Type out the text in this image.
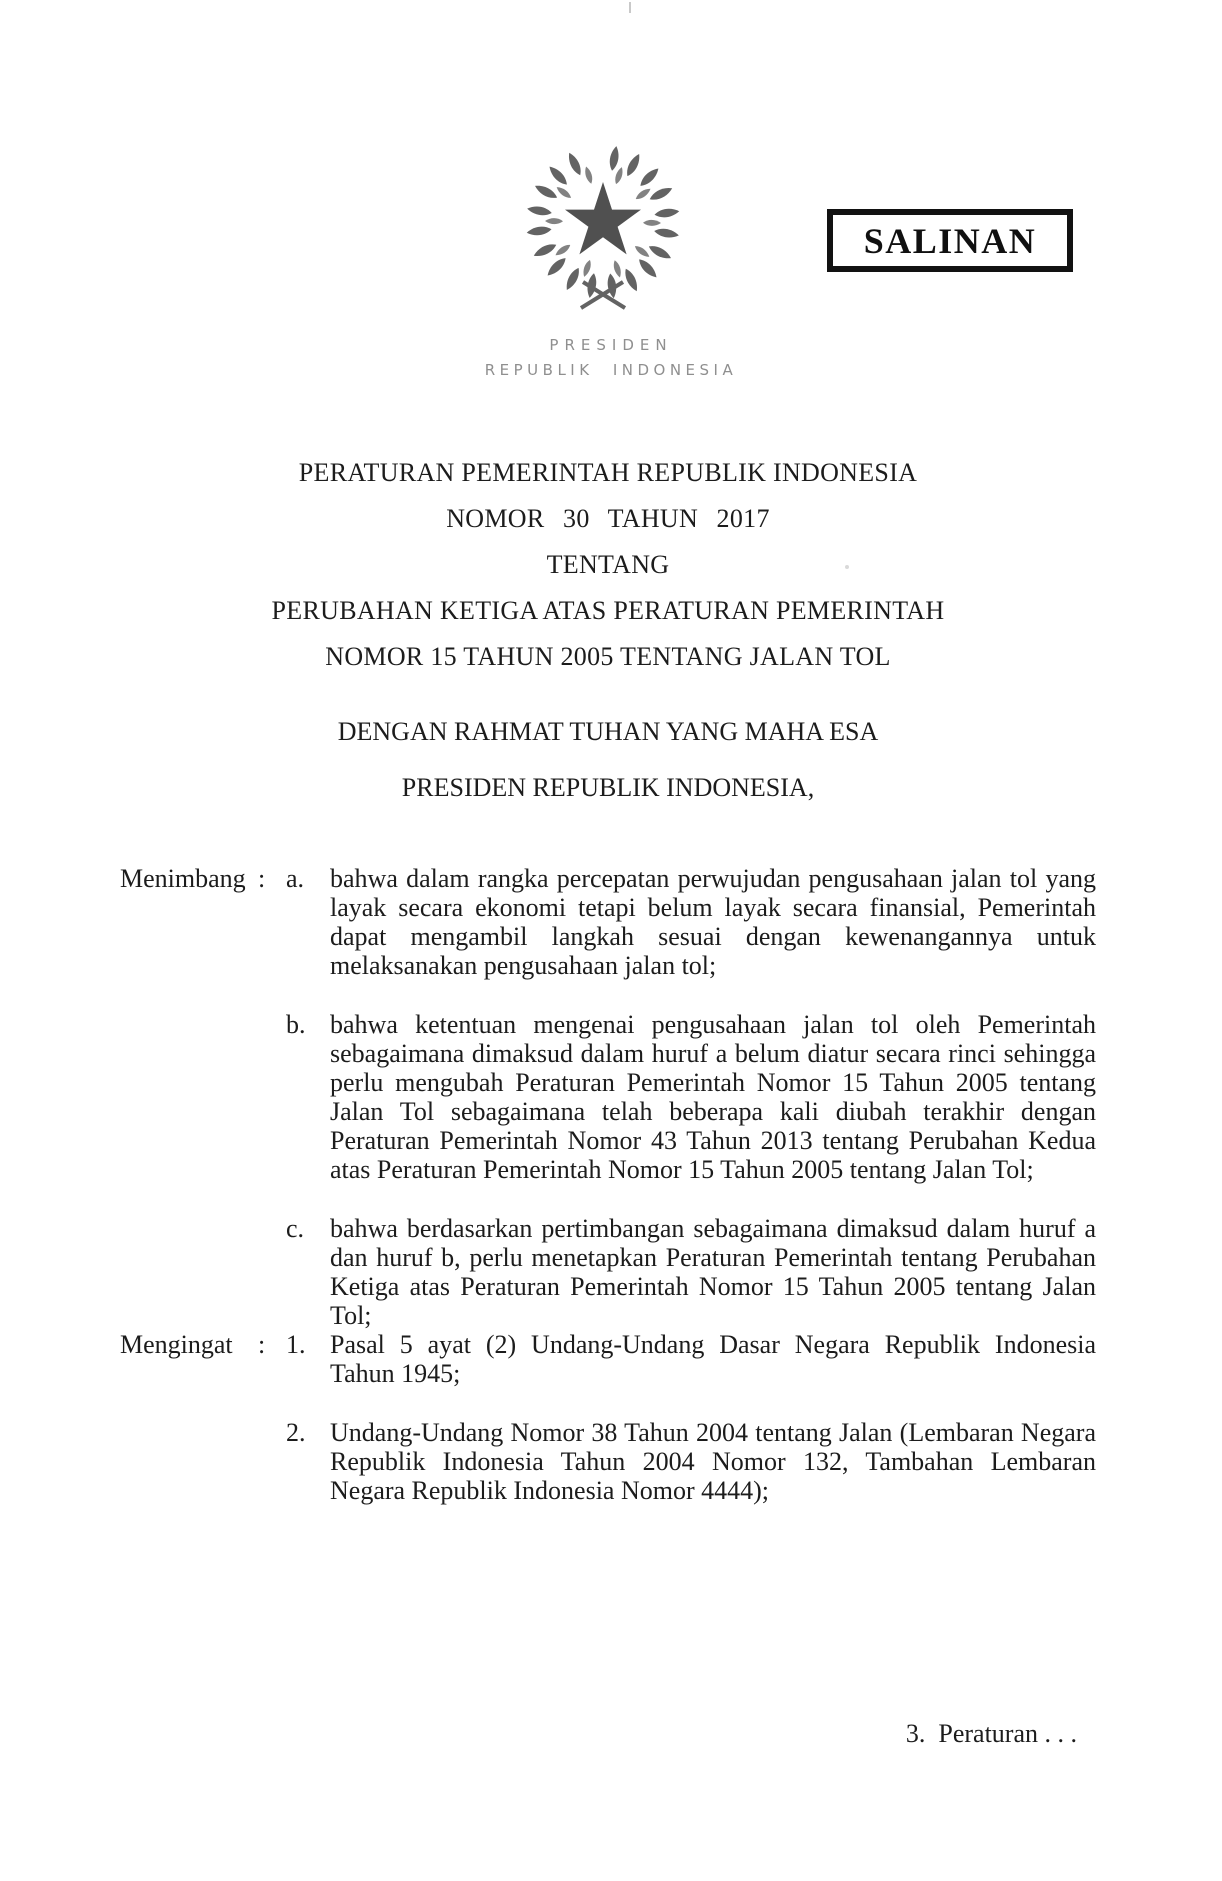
SALINAN
PRESIDEN
REPUBLIK INDONESIA
PERATURAN PEMERINTAH REPUBLIK INDONESIA
NOMOR 30 TAHUN 2017
TENTANG
PERUBAHAN KETIGA ATAS PERATURAN PEMERINTAH
NOMOR 15 TAHUN 2005 TENTANG JALAN TOL
DENGAN RAHMAT TUHAN YANG MAHA ESA
PRESIDEN REPUBLIK INDONESIA,
Menimbang : a. bahwa dalam rangka percepatan perwujudan pengusahaan jalan tol yang layak secara ekonomi tetapi belum layak secara finansial, Pemerintah dapat mengambil langkah sesuai dengan kewenangannya untuk melaksanakan pengusahaan jalan tol;
b. bahwa ketentuan mengenai pengusahaan jalan tol oleh Pemerintah sebagaimana dimaksud dalam huruf a belum diatur secara rinci sehingga perlu mengubah Peraturan Pemerintah Nomor 15 Tahun 2005 tentang Jalan Tol sebagaimana telah beberapa kali diubah terakhir dengan Peraturan Pemerintah Nomor 43 Tahun 2013 tentang Perubahan Kedua atas Peraturan Pemerintah Nomor 15 Tahun 2005 tentang Jalan Tol;
c. bahwa berdasarkan pertimbangan sebagaimana dimaksud dalam huruf a dan huruf b, perlu menetapkan Peraturan Pemerintah tentang Perubahan Ketiga atas Peraturan Pemerintah Nomor 15 Tahun 2005 tentang Jalan Tol;
Mengingat : 1. Pasal 5 ayat (2) Undang-Undang Dasar Negara Republik Indonesia Tahun 1945;
2. Undang-Undang Nomor 38 Tahun 2004 tentang Jalan (Lembaran Negara Republik Indonesia Tahun 2004 Nomor 132, Tambahan Lembaran Negara Republik Indonesia Nomor 4444);
3.  Peraturan . . .
